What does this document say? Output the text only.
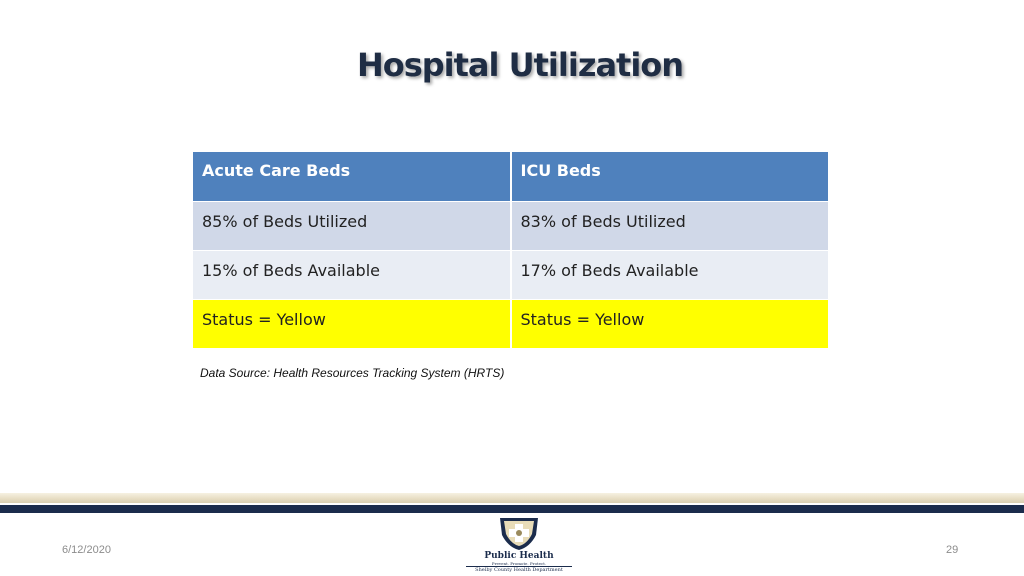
Hospital Utilization
Acute Care Beds	ICU Beds
85% of Beds Utilized	83% of Beds Utilized
15% of Beds Available	17% of Beds Available
Status = Yellow	Status = Yellow
Data Source: Health Resources Tracking System (HRTS)
6/12/2020	29
Public Health
Prevent. Promote. Protect.
Shelby County Health Department
